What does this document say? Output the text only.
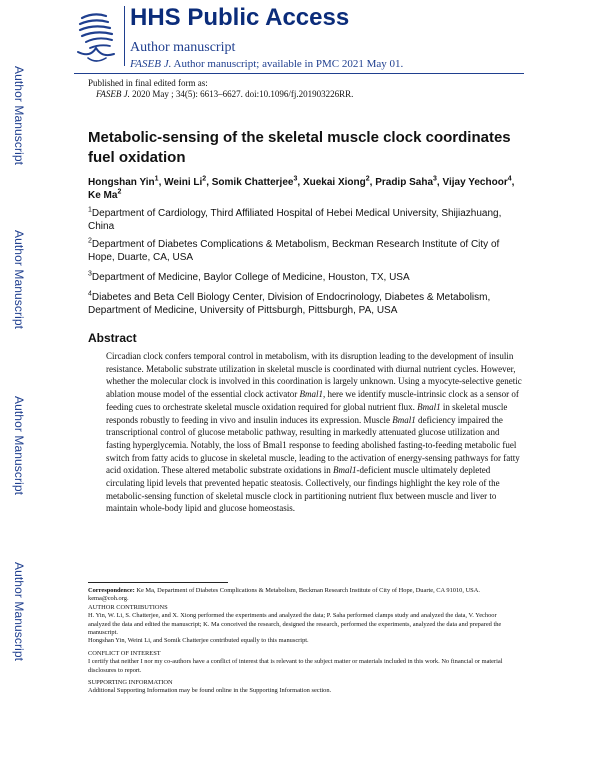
Author Manuscript
Author Manuscript
Author Manuscript
Author Manuscript
HHS Public Access
Author manuscript
FASEB J. Author manuscript; available in PMC 2021 May 01.
Published in final edited form as:
FASEB J. 2020 May ; 34(5): 6613–6627. doi:10.1096/fj.201903226RR.
Metabolic-sensing of the skeletal muscle clock coordinates fuel oxidation
Hongshan Yin$^1$, Weini Li$^2$, Somik Chatterjee$^3$, Xuekai Xiong$^2$, Pradip Saha$^3$, Vijay Yechoor$^4$, Ke Ma$^2$
$^1$Department of Cardiology, Third Affiliated Hospital of Hebei Medical University, Shijiazhuang, China
$^2$Department of Diabetes Complications & Metabolism, Beckman Research Institute of City of Hope, Duarte, CA, USA
$^3$Department of Medicine, Baylor College of Medicine, Houston, TX, USA
$^4$Diabetes and Beta Cell Biology Center, Division of Endocrinology, Diabetes & Metabolism, Department of Medicine, University of Pittsburgh, Pittsburgh, PA, USA
Abstract

Circadian clock confers temporal control in metabolism, with its disruption leading to the development of insulin resistance. Metabolic substrate utilization in skeletal muscle is coordinated with diurnal nutrient cycles. However, whether the molecular clock is involved in this coordination is largely unknown. Using a myocyte-selective genetic ablation mouse model of the essential clock activator Bmal1, here we identify muscle-intrinsic clock as a sensor of feeding cues to orchestrate skeletal muscle oxidation required for global nutrient flux. Bmal1 in skeletal muscle responds robustly to feeding in vivo and insulin induces its expression. Muscle Bmal1 deficiency impaired the transcriptional control of glucose metabolic pathway, resulting in markedly attenuated glucose utilization and fasting hyperglycemia. Notably, the loss of Bmal1 response to feeding abolished fasting-to-feeding metabolic fuel switch from fatty acids to glucose in skeletal muscle, leading to the activation of energy-sensing pathways for fatty acid oxidation. These altered metabolic substrate oxidations in Bmal1-deficient muscle ultimately depleted circulating lipid levels that prevented hepatic steatosis. Collectively, our findings highlight the key role of the metabolic-sensing function of skeletal muscle clock in partitioning nutrient flux between muscle and liver to maintain whole-body lipid and glucose homeostasis.

Correspondence: Ke Ma, Department of Diabetes Complications & Metabolism, Beckman Research Institute of City of Hope, Duarte, CA 91010, USA. kema@coh.org.

AUTHOR CONTRIBUTIONS

H. Yin, W. Li, S. Chatterjee, and X. Xiong performed the experiments and analyzed the data; P. Saha performed clamps study and analyzed the data, V. Yechoor analyzed the data and edited the manuscript; K. Ma conceived the research, designed the research, performed the experiments, analyzed the data and prepared the manuscript.

Hongshan Yin, Weini Li, and Somik Chatterjee contributed equally to this manuscript.

CONFLICT OF INTEREST

I certify that neither I nor my co-authors have a conflict of interest that is relevant to the subject matter or materials included in this work. No financial or material disclosures to report.

SUPPORTING INFORMATION

Additional Supporting Information may be found online in the Supporting Information section.
